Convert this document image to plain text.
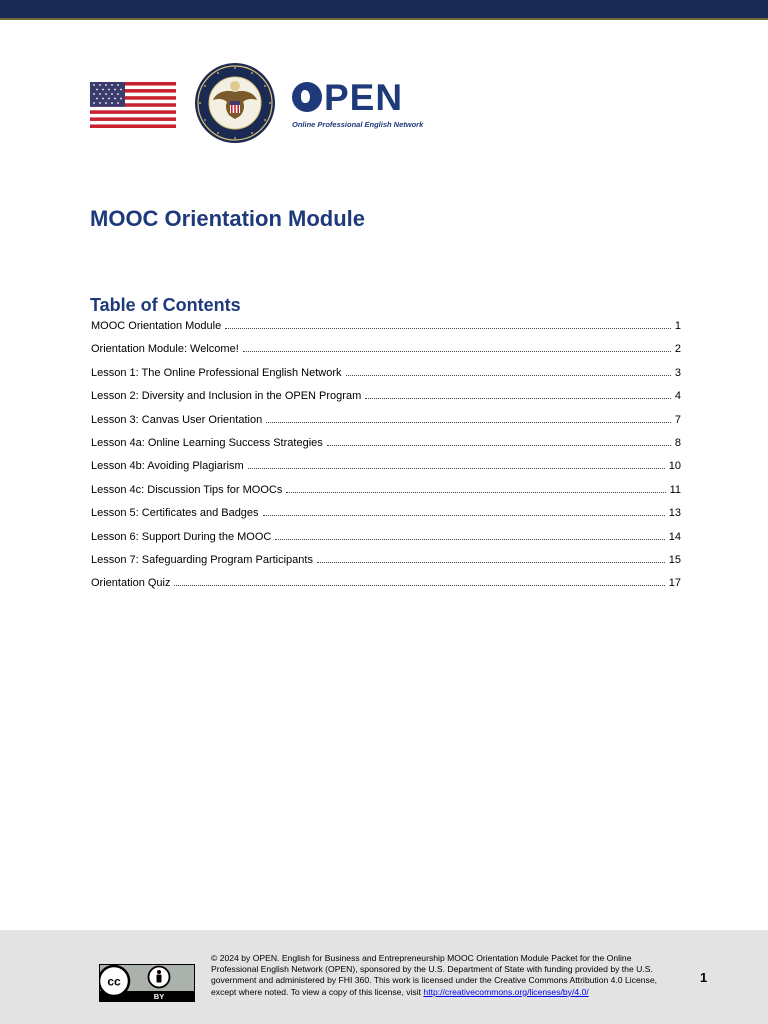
PEN
Online Professional English Network
MOOC Orientation Module
Table of Contents
MOOC Orientation Module	1
Orientation Module: Welcome!	2
Lesson 1: The Online Professional English Network	3
Lesson 2: Diversity and Inclusion in the OPEN Program	4
Lesson 3: Canvas User Orientation	7
Lesson 4a: Online Learning Success Strategies	8
Lesson 4b: Avoiding Plagiarism	10
Lesson 4c: Discussion Tips for MOOCs	11
Lesson 5: Certificates and Badges	13
Lesson 6: Support During the MOOC	14
Lesson 7: Safeguarding Program Participants	15
Orientation Quiz	17
cc
BY
© 2024 by OPEN. English for Business and Entrepreneurship MOOC Orientation Module Packet for the Online Professional English Network (OPEN), sponsored by the U.S. Department of State with funding provided by the U.S. government and administered by FHI 360. This work is licensed under the Creative Commons Attribution 4.0 License, except where noted. To view a copy of this license, visit http://creativecommons.org/licenses/by/4.0/
1
